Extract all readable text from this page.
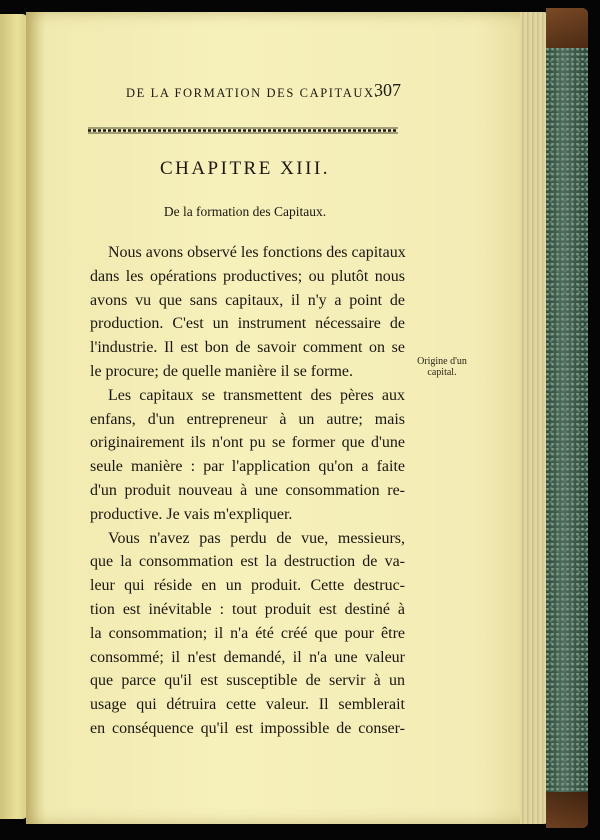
DE LA FORMATION DES CAPITAUX.
307
CHAPITRE XIII.
De la formation des Capitaux.
Nous avons observé les fonctions des capitaux
dans les opérations productives; ou plutôt nous
avons vu que sans capitaux, il n'y a point de
production. C'est un instrument nécessaire de
l'industrie. Il est bon de savoir comment on se
le procure; de quelle manière il se forme.
Les capitaux se transmettent des pères aux
enfans, d'un entrepreneur à un autre; mais
originairement ils n'ont pu se former que d'une
seule manière : par l'application qu'on a faite
d'un produit nouveau à une consommation re-
productive. Je vais m'expliquer.
Vous n'avez pas perdu de vue, messieurs,
que la consommation est la destruction de va-
leur qui réside en un produit. Cette destruc-
tion est inévitable : tout produit est destiné à
la consommation; il n'a été créé que pour être
consommé; il n'est demandé, il n'a une valeur
que parce qu'il est susceptible de servir à un
usage qui détruira cette valeur. Il semblerait
en conséquence qu'il est impossible de conser-
Origine d'un capital.
